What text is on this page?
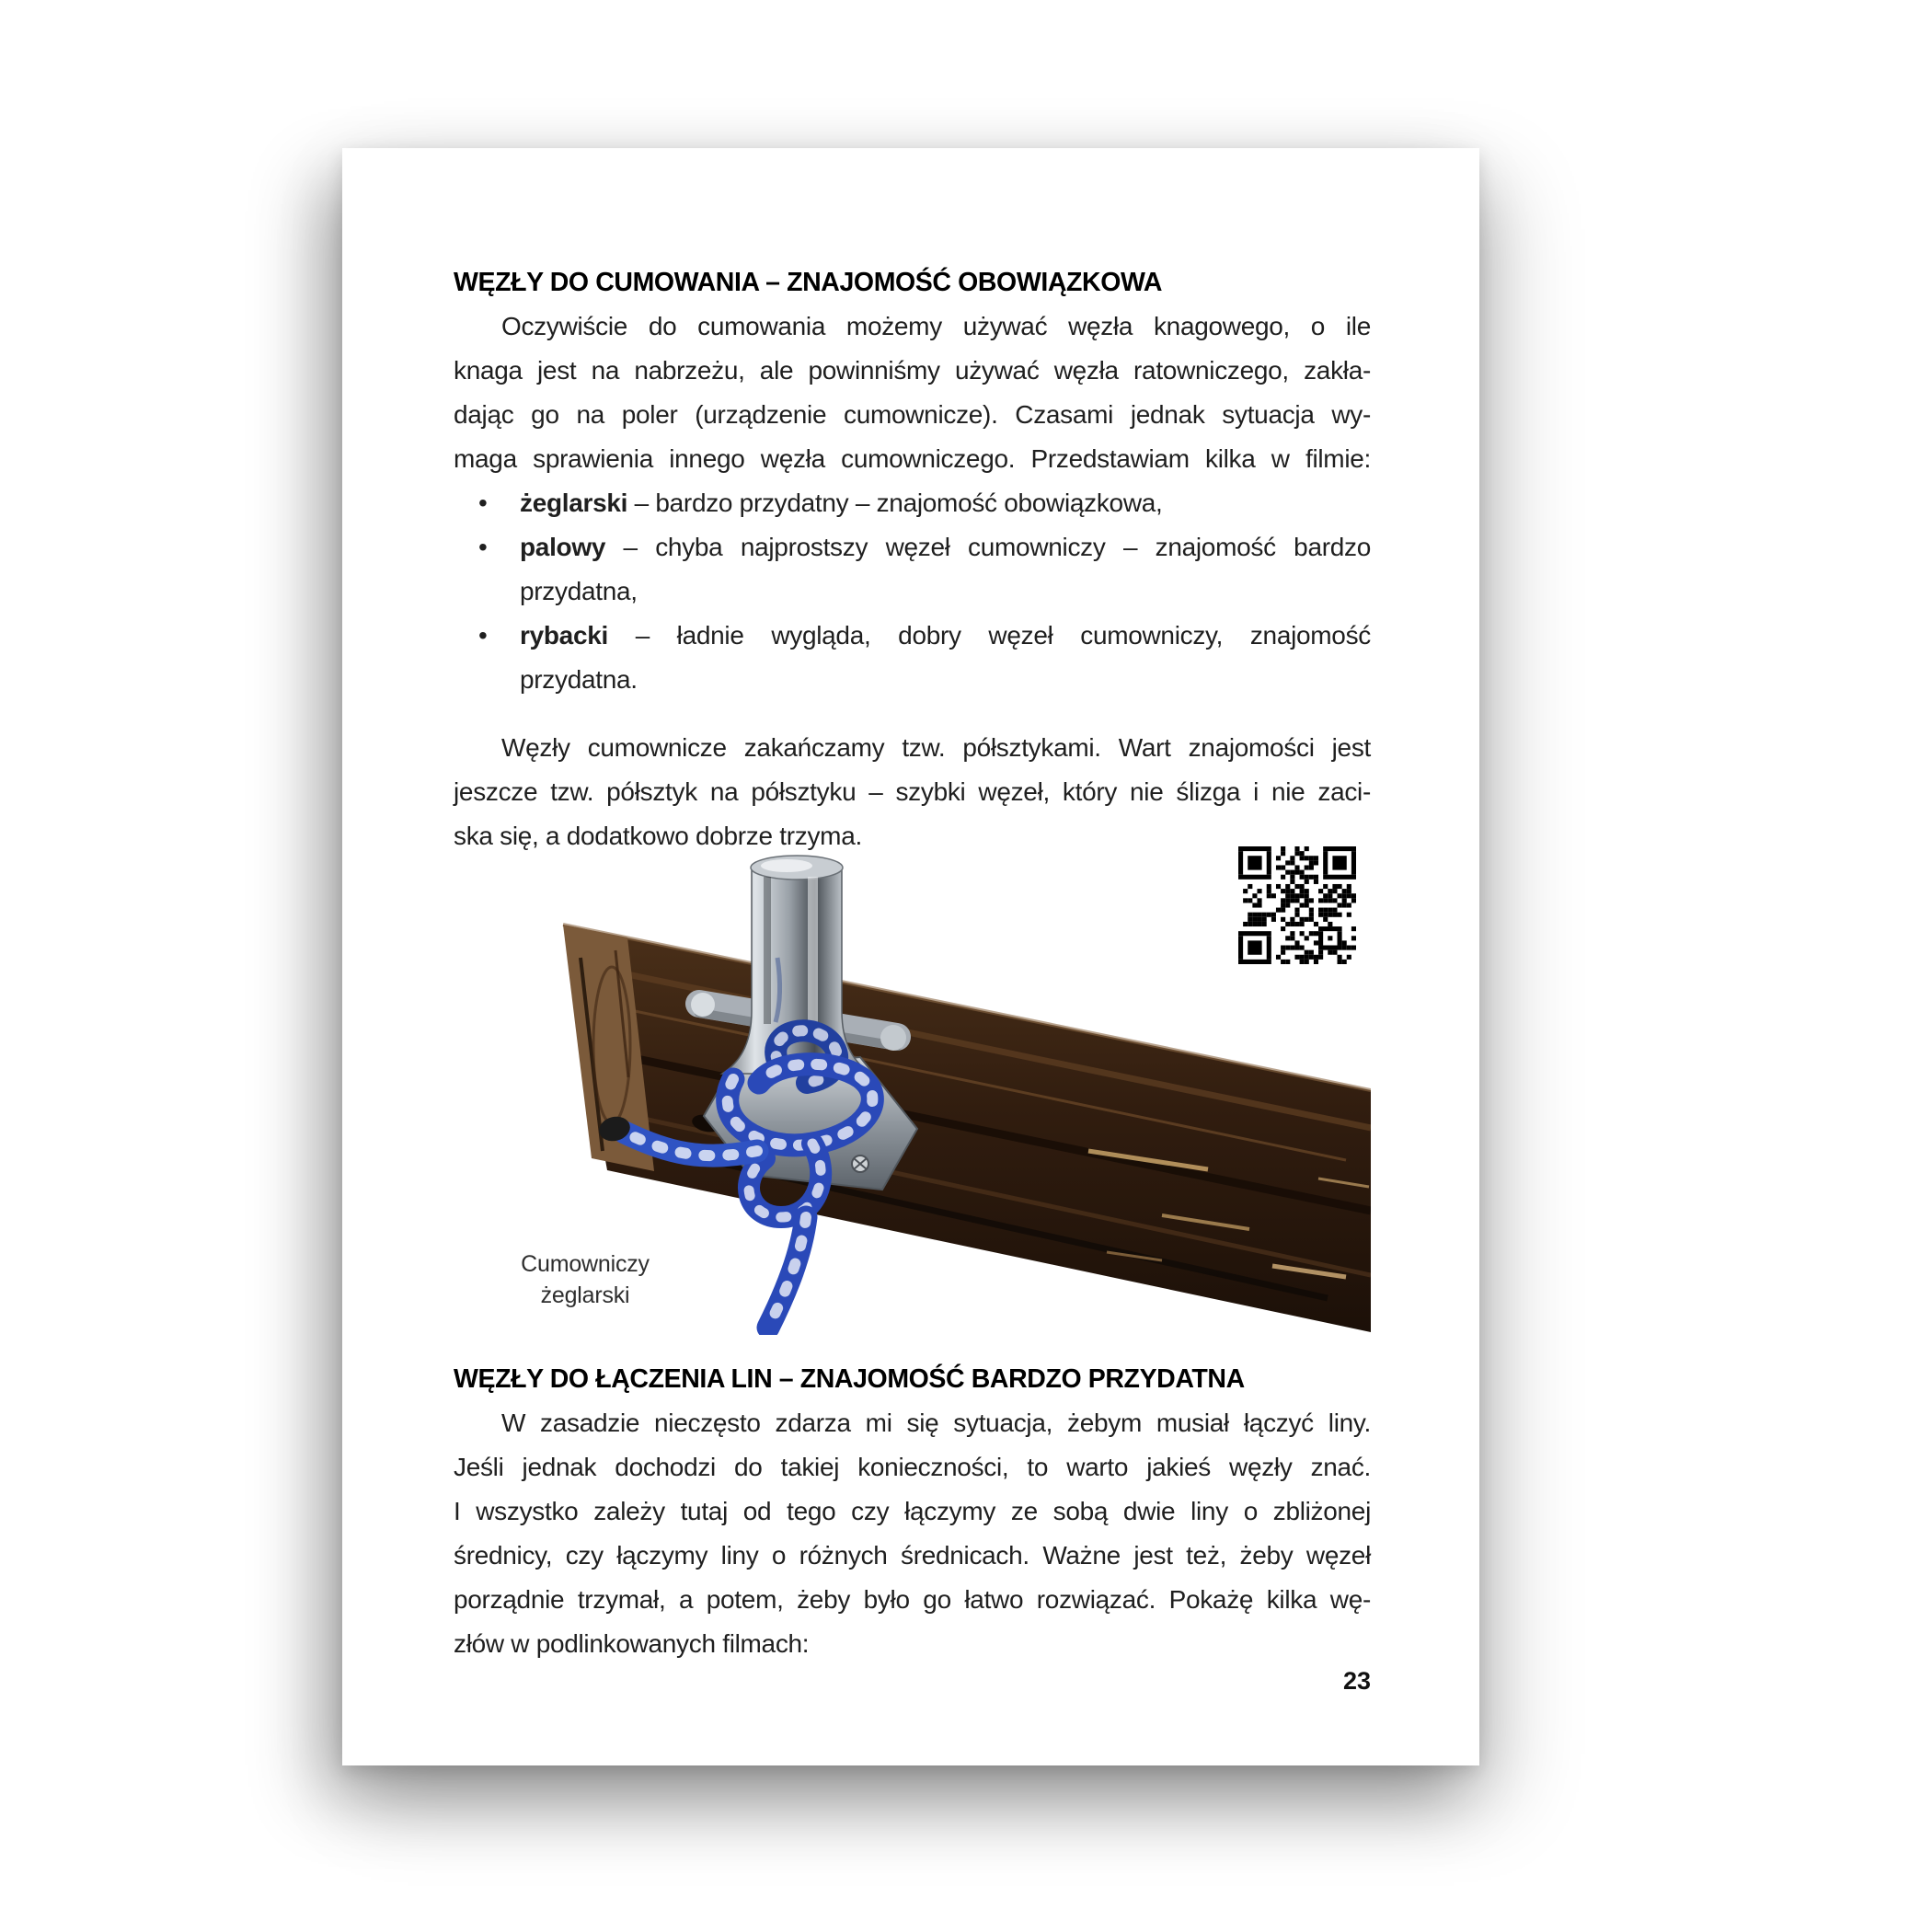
WĘZŁY DO CUMOWANIA – ZNAJOMOŚĆ OBOWIĄZKOWA
Oczywiście do cumowania możemy używać węzła knagowego, o ile
knaga jest na nabrzeżu, ale powinniśmy używać węzła ratowniczego, zakła-
dając go na poler (urządzenie cumownicze). Czasami jednak sytuacja wy-
maga sprawienia innego węzła cumowniczego. Przedstawiam kilka w filmie:
•	żeglarski – bardzo przydatny – znajomość obowiązkowa,
•	palowy – chyba najprostszy węzeł cumowniczy – znajomość bardzo
przydatna,
•	rybacki – ładnie wygląda, dobry węzeł cumowniczy, znajomość
przydatna.
Węzły cumownicze zakańczamy tzw. półsztykami. Wart znajomości jest
jeszcze tzw. półsztyk na półsztyku – szybki węzeł, który nie ślizga i nie zaci-
ska się, a dodatkowo dobrze trzyma.
WĘZŁY DO ŁĄCZENIA LIN – ZNAJOMOŚĆ BARDZO PRZYDATNA
W zasadzie nieczęsto zdarza mi się sytuacja, żebym musiał łączyć liny.
Jeśli jednak dochodzi do takiej konieczności, to warto jakieś węzły znać.
I wszystko zależy tutaj od tego czy łączymy ze sobą dwie liny o zbliżonej
średnicy, czy łączymy liny o różnych średnicach. Ważne jest też, żeby węzeł
porządnie trzymał, a potem, żeby było go łatwo rozwiązać. Pokażę kilka wę-
złów w podlinkowanych filmach:
Cumowniczy
żeglarski
23
